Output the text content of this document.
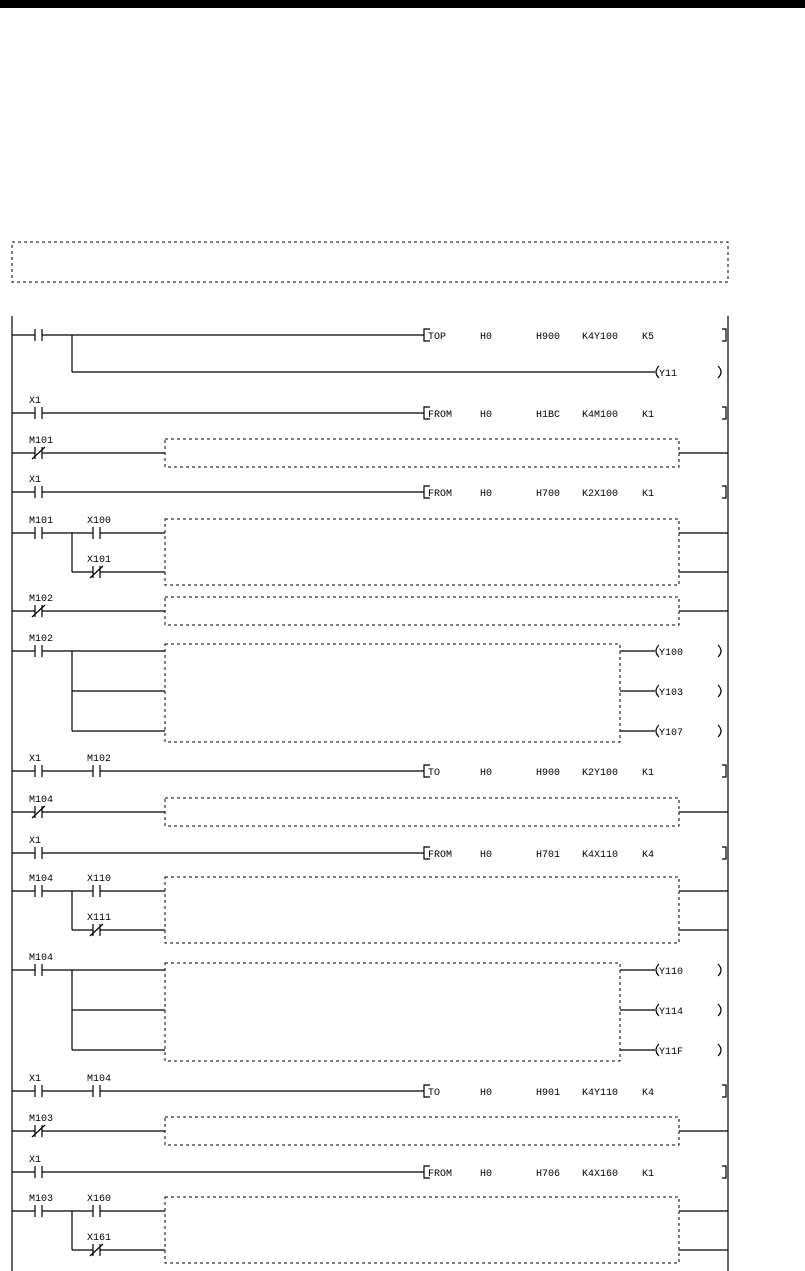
TOP	H0	H900 K4Y100 K5
Y11
X1
FROM	H0	H1BC K4M100 K1
M101
X1
FROM	H0	H700 K2X100 K1
M101	X100
X101
M102
M102
Y100
Y103
Y107
X1	M102
TO	H0	H900 K2Y100 K1
M104
X1
FROM	H0	H701 K4X110 K4
M104	X110
X111
M104
Y110
Y114
Y11F
X1	M104
TO	H0	H901 K4Y110 K4
M103
X1
FROM	H0	H706 K4X160 K1
M103	X160
X161
